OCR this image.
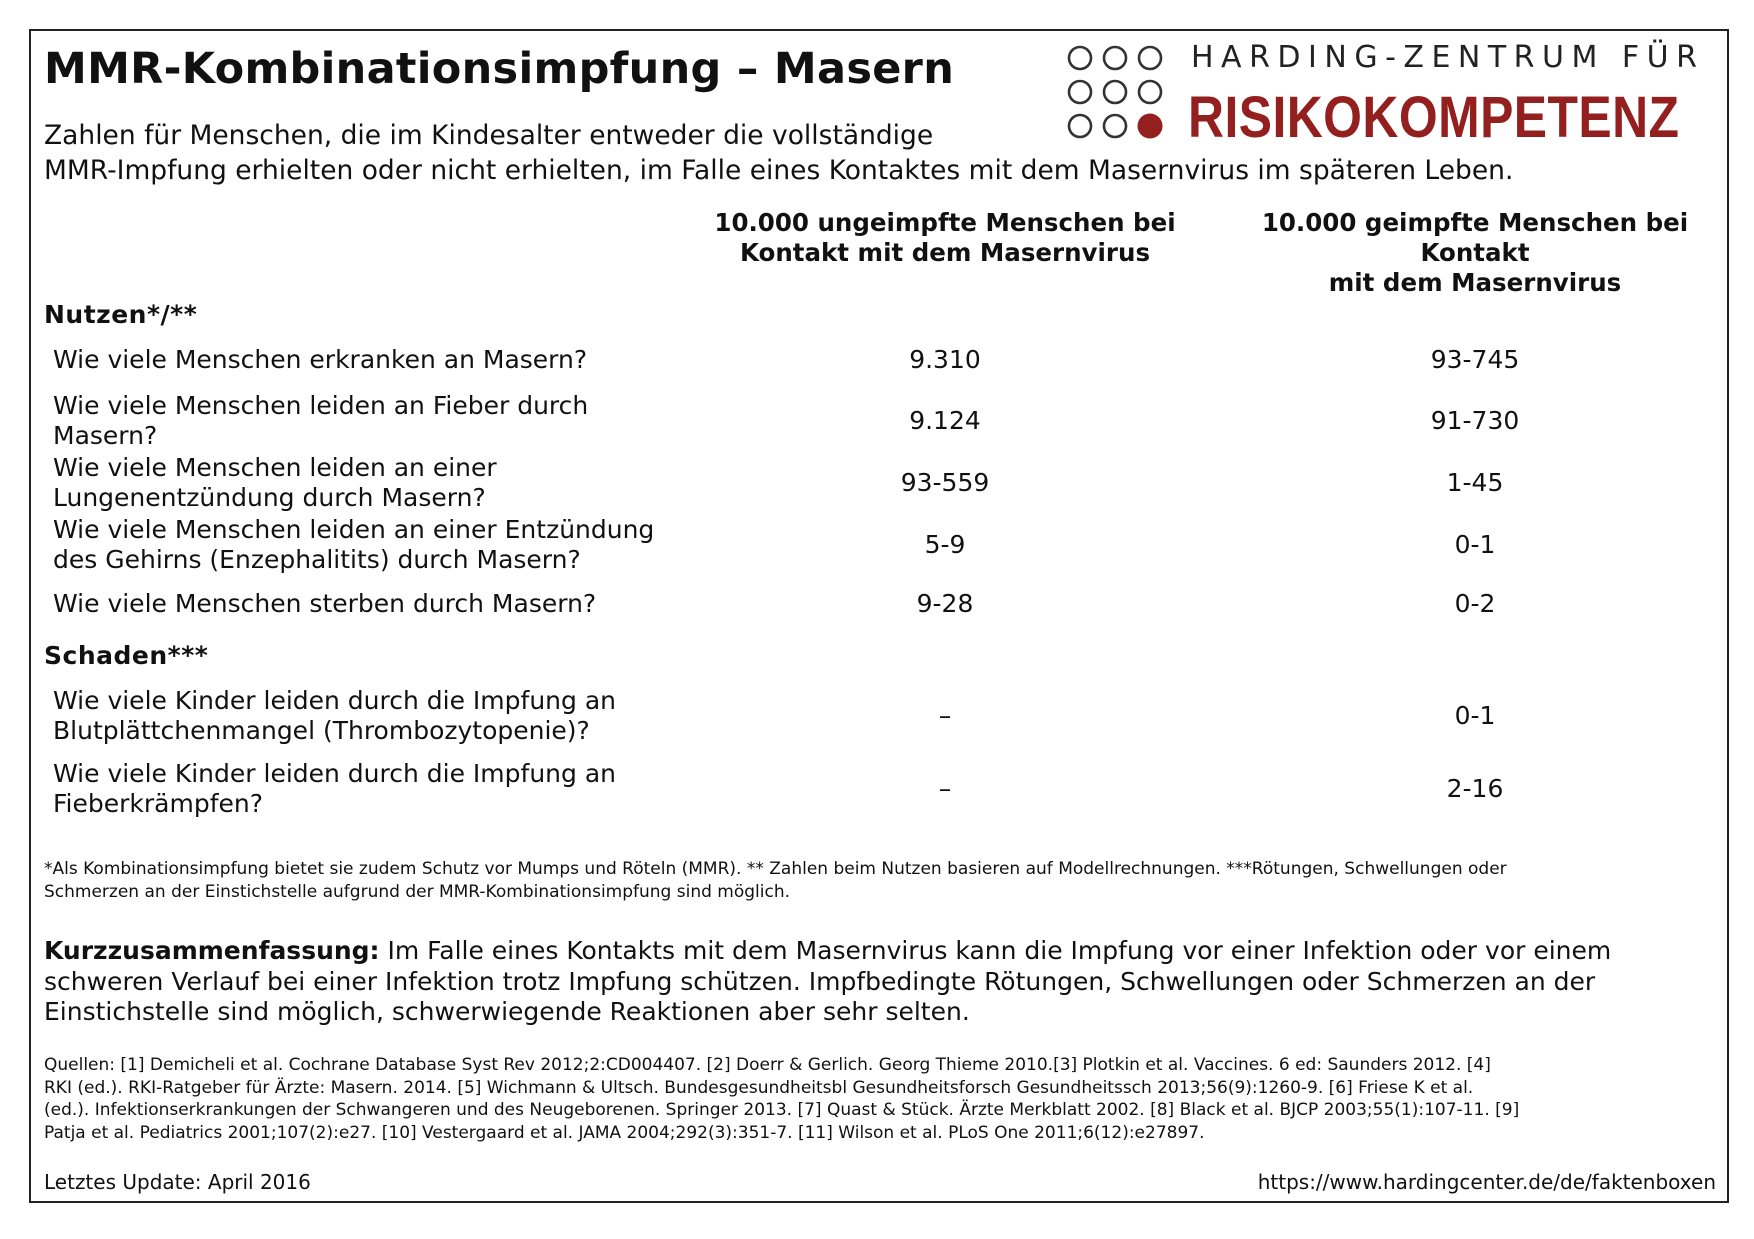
MMR-Kombinationsimpfung – Masern	HARDING-ZENTRUM FÜR
RISIKOKOMPETENZ
Zahlen für Menschen, die im Kindesalter entweder die vollständige
MMR-Impfung erhielten oder nicht erhielten, im Falle eines Kontaktes mit dem Masernvirus im späteren Leben.
10.000 ungeimpfte Menschen bei
Kontakt mit dem Masernvirus
10.000 geimpfte Menschen bei
Kontakt
mit dem Masernvirus
Nutzen*/**
Wie viele Menschen erkranken an Masern?	9.310	93-745
Wie viele Menschen leiden an Fieber durch
Masern?
9.124	91-730
Wie viele Menschen leiden an einer
Lungenentzündung durch Masern?
93-559	1-45
Wie viele Menschen leiden an einer Entzündung
des Gehirns (Enzephalitits) durch Masern?
5-9	0-1
Wie viele Menschen sterben durch Masern?	9-28	0-2
Schaden***
Wie viele Kinder leiden durch die Impfung an
Blutplättchenmangel (Thrombozytopenie)?
–	0-1
Wie viele Kinder leiden durch die Impfung an
Fieberkrämpfen?
–	2-16
*Als Kombinationsimpfung bietet sie zudem Schutz vor Mumps und Röteln (MMR). ** Zahlen beim Nutzen basieren auf Modellrechnungen. ***Rötungen, Schwellungen oder
Schmerzen an der Einstichstelle aufgrund der MMR-Kombinationsimpfung sind möglich.
Kurzzusammenfassung: Im Falle eines Kontakts mit dem Masernvirus kann die Impfung vor einer Infektion oder vor einem
schweren Verlauf bei einer Infektion trotz Impfung schützen. Impfbedingte Rötungen, Schwellungen oder Schmerzen an der
Einstichstelle sind möglich, schwerwiegende Reaktionen aber sehr selten.
Quellen: [1] Demicheli et al. Cochrane Database Syst Rev 2012;2:CD004407. [2] Doerr & Gerlich. Georg Thieme 2010.[3] Plotkin et al. Vaccines. 6 ed: Saunders 2012. [4]
RKI (ed.). RKI-Ratgeber für Ärzte: Masern. 2014. [5] Wichmann & Ultsch. Bundesgesundheitsbl Gesundheitsforsch Gesundheitssch 2013;56(9):1260-9. [6] Friese K et al.
(ed.). Infektionserkrankungen der Schwangeren und des Neugeborenen. Springer 2013. [7] Quast & Stück. Ärzte Merkblatt 2002. [8] Black et al. BJCP 2003;55(1):107-11. [9]
Patja et al. Pediatrics 2001;107(2):e27. [10] Vestergaard et al. JAMA 2004;292(3):351-7. [11] Wilson et al. PLoS One 2011;6(12):e27897.
Letztes Update: April 2016	https://www.hardingcenter.de/de/faktenboxen
